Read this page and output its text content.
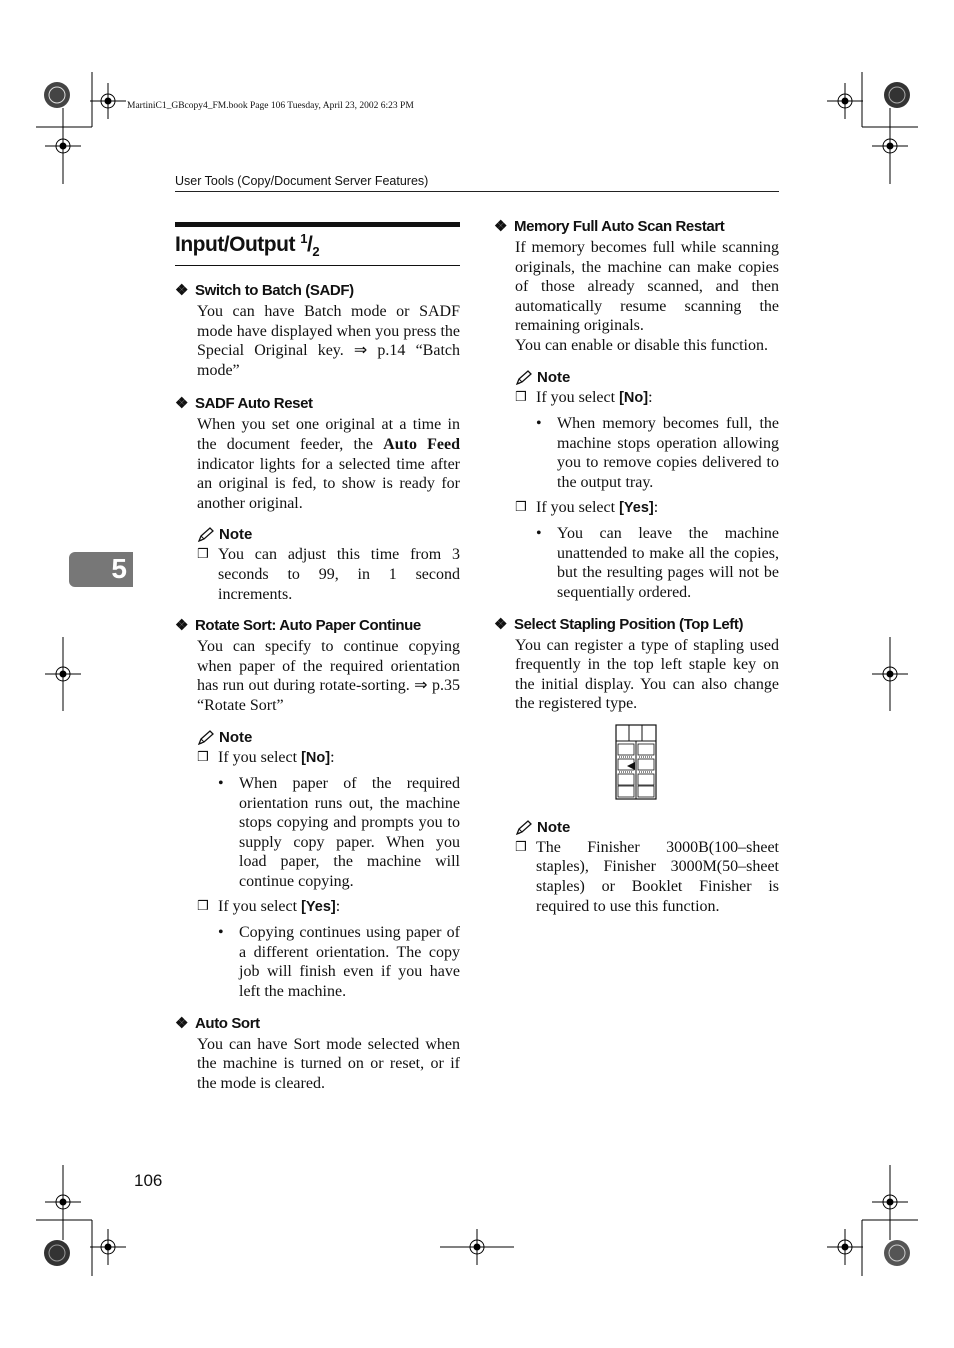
MartiniC1_GBcopy4_FM.book Page 106 Tuesday, April 23, 2002 6:23 PM
User Tools (Copy/Document Server Features)
Input/Output $^1/_2$
5
❖ Switch to Batch (SADF)

You can have Batch mode or SADF mode have displayed when you press the Special Original key. ⇒ p.14 “Batch mode”

❖ SADF Auto Reset

When you set one original at a time in the document feeder, the Auto Feed indicator lights for a selected time after an original is fed, to show is ready for another original.

Note
❒ You can adjust this time from 3 seconds to 99, in 1 second increments.
❖ Rotate Sort: Auto Paper Continue

You can specify to continue copying when paper of the required orientation has run out during rotate-sorting. ⇒ p.35 “Rotate Sort”

Note
❒ If you select [No]:
• When paper of the required orientation runs out, the machine stops copying and prompts you to supply copy paper. When you load paper, the machine will continue copying.
❒ If you select [Yes]:
• Copying continues using paper of a different orientation. The copy job will finish even if you have left the machine.
❖ Auto Sort

You can have Sort mode selected when the machine is turned on or reset, or if the mode is cleared.

❖ Memory Full Auto Scan Restart

If memory becomes full while scanning originals, the machine can make copies of those already scanned, and then automatically resume scanning the remaining originals.

You can enable or disable this function.

Note
❒ If you select [No]:
• When memory becomes full, the machine stops operation allowing you to remove copies delivered to the output tray.
❒ If you select [Yes]:
• You can leave the machine unattended to make all the copies, but the resulting pages will not be sequentially ordered.
❖ Select Stapling Position (Top Left)

You can register a type of stapling used frequently in the top left staple key on the initial display. You can also change the registered type.

Note
❒ The Finisher 3000B(100–sheet staples), Finisher 3000M(50–sheet staples) or Booklet Finisher is required to use this function.
106
